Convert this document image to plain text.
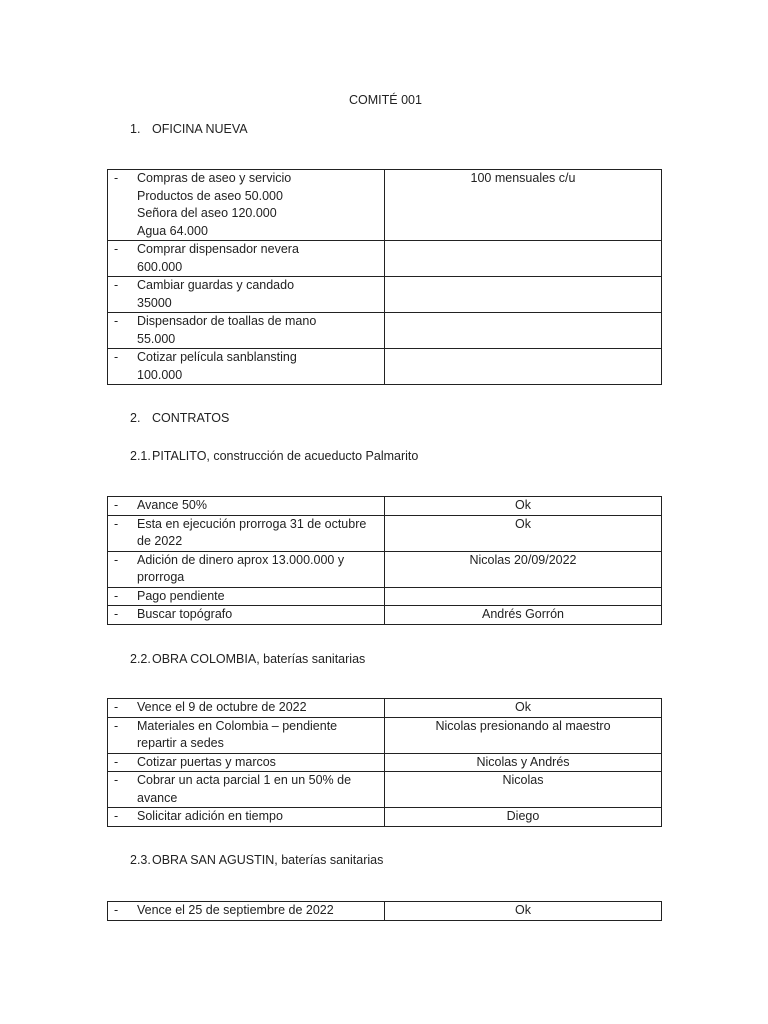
COMITÉ 001
1. OFICINA NUEVA
- Compras de aseo y servicio
Productos de aseo 50.000
Señora del aseo 120.000
Agua 64.000	100 mensuales c/u

- Comprar dispensador nevera
600.000	

- Cambiar guardas y candado
35000	

- Dispensador de toallas de mano
55.000	

- Cotizar película sanblansting
100.000	

2. CONTRATOS
2.1. PITALITO, construcción de acueducto Palmarito
- Avance 50%	Ok

- Esta en ejecución prorroga 31 de octubre
de 2022	Ok

- Adición de dinero aprox 13.000.000 y
prorroga	Nicolas 20/09/2022

- Pago pendiente	

- Buscar topógrafo	Andrés Gorrón
2.2. OBRA COLOMBIA, baterías sanitarias
- Vence el 9 de octubre de 2022	Ok

- Materiales en Colombia – pendiente
repartir a sedes	Nicolas presionando al maestro

- Cotizar puertas y marcos	Nicolas y Andrés

- Cobrar un acta parcial 1 en un 50% de
avance	Nicolas

- Solicitar adición en tiempo	Diego
2.3. OBRA SAN AGUSTIN, baterías sanitarias
- Vence el 25 de septiembre de 2022	Ok
